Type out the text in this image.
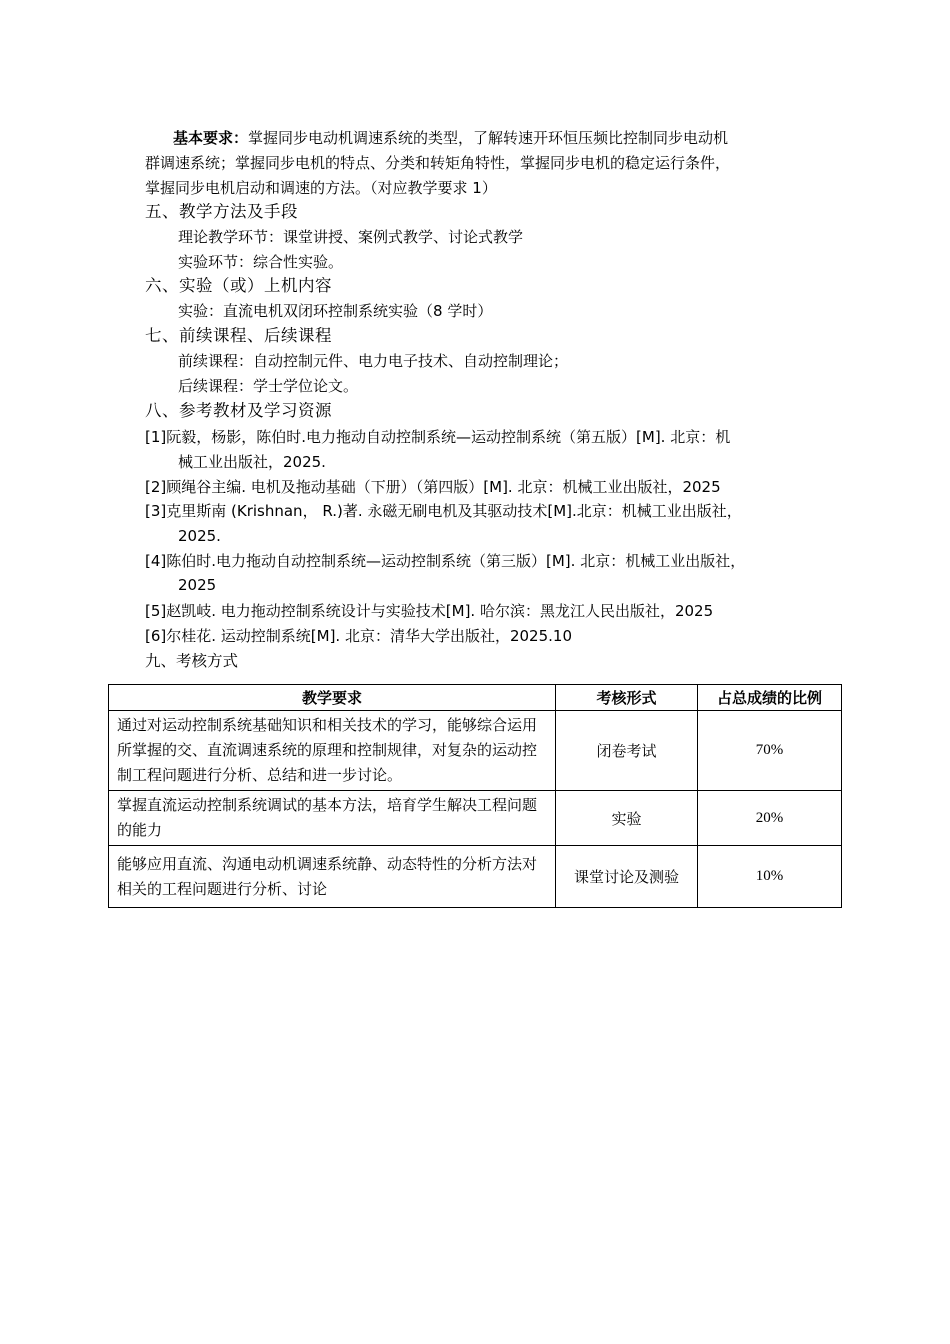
基本要求：掌握同步电动机调速系统的类型，了解转速开环恒压频比控制同步电动机
群调速系统；掌握同步电机的特点、分类和转矩角特性，掌握同步电机的稳定运行条件，
掌握同步电机启动和调速的方法。（对应教学要求 1）
五、教学方法及手段
理论教学环节：课堂讲授、案例式教学、讨论式教学
实验环节：综合性实验。
六、实验（或）上机内容
实验：直流电机双闭环控制系统实验（8 学时）
七、前续课程、后续课程
前续课程：自动控制元件、电力电子技术、自动控制理论；
后续课程：学士学位论文。
八、参考教材及学习资源
[1]阮毅，杨影，陈伯时.电力拖动自动控制系统—运动控制系统（第五版）[M]. 北京：机
械工业出版社，2025.
[2]顾绳谷主编. 电机及拖动基础（下册）（第四版）[M]. 北京：机械工业出版社，2025
[3]克里斯南 (Krishnan， R.)著. 永磁无刷电机及其驱动技术[M].北京：机械工业出版社，
2025.
[4]陈伯时.电力拖动自动控制系统—运动控制系统（第三版）[M]. 北京：机械工业出版社，
2025
[5]赵凯岐. 电力拖动控制系统设计与实验技术[M]. 哈尔滨：黑龙江人民出版社，2025
[6]尔桂花. 运动控制系统[M]. 北京：清华大学出版社，2025.10
九、考核方式
教学要求	考核形式	占总成绩的比例
通过对运动控制系统基础知识和相关技术的学习，能够综合运用所掌握的交、直流调速系统的原理和控制规律，对复杂的运动控制工程问题进行分析、总结和进一步讨论。	闭卷考试	70%
掌握直流运动控制系统调试的基本方法，培育学生解决工程问题的能力	实验	20%
能够应用直流、沟通电动机调速系统静、动态特性的分析方法对相关的工程问题进行分析、讨论	课堂讨论及测验	10%
